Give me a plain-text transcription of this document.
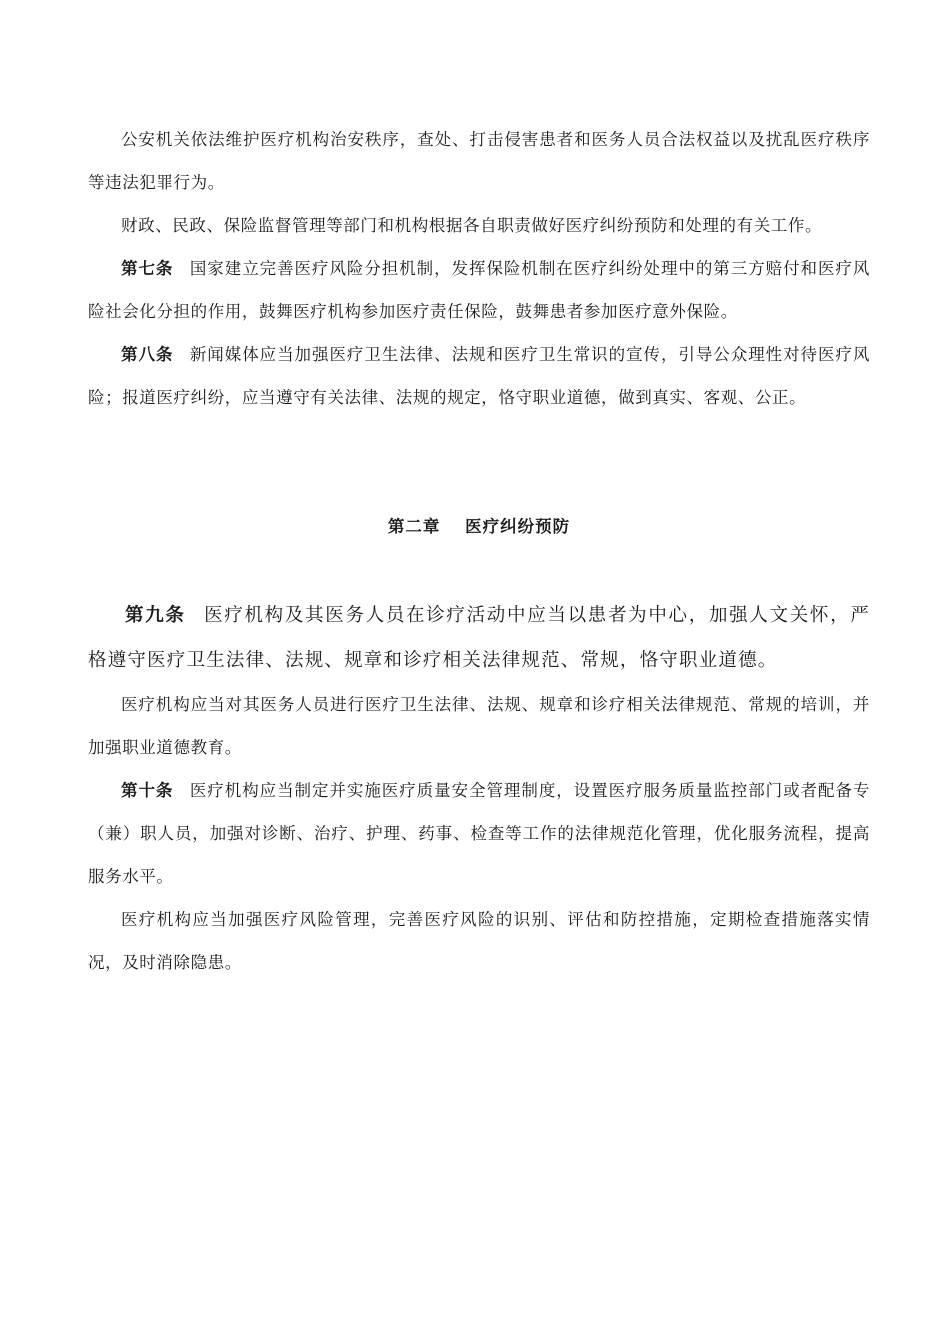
公安机关依法维护医疗机构治安秩序，查处、打击侵害患者和医务人员合法权益以及扰乱医疗秩序等违法犯罪行为。

财政、民政、保险监督管理等部门和机构根据各自职责做好医疗纠纷预防和处理的有关工作。

第七条 国家建立完善医疗风险分担机制，发挥保险机制在医疗纠纷处理中的第三方赔付和医疗风险社会化分担的作用，鼓舞医疗机构参加医疗责任保险，鼓舞患者参加医疗意外保险。

第八条 新闻媒体应当加强医疗卫生法律、法规和医疗卫生常识的宣传，引导公众理性对待医疗风险；报道医疗纠纷，应当遵守有关法律、法规的规定，恪守职业道德，做到真实、客观、公正。

第二章 医疗纠纷预防

第九条 医疗机构及其医务人员在诊疗活动中应当以患者为中心，加强人文关怀，严格遵守医疗卫生法律、法规、规章和诊疗相关法律规范、常规，恪守职业道德。

医疗机构应当对其医务人员进行医疗卫生法律、法规、规章和诊疗相关法律规范、常规的培训，并加强职业道德教育。

第十条 医疗机构应当制定并实施医疗质量安全管理制度，设置医疗服务质量监控部门或者配备专（兼）职人员，加强对诊断、治疗、护理、药事、检查等工作的法律规范化管理，优化服务流程，提高服务水平。

医疗机构应当加强医疗风险管理，完善医疗风险的识别、评估和防控措施，定期检查措施落实情况，及时消除隐患。
